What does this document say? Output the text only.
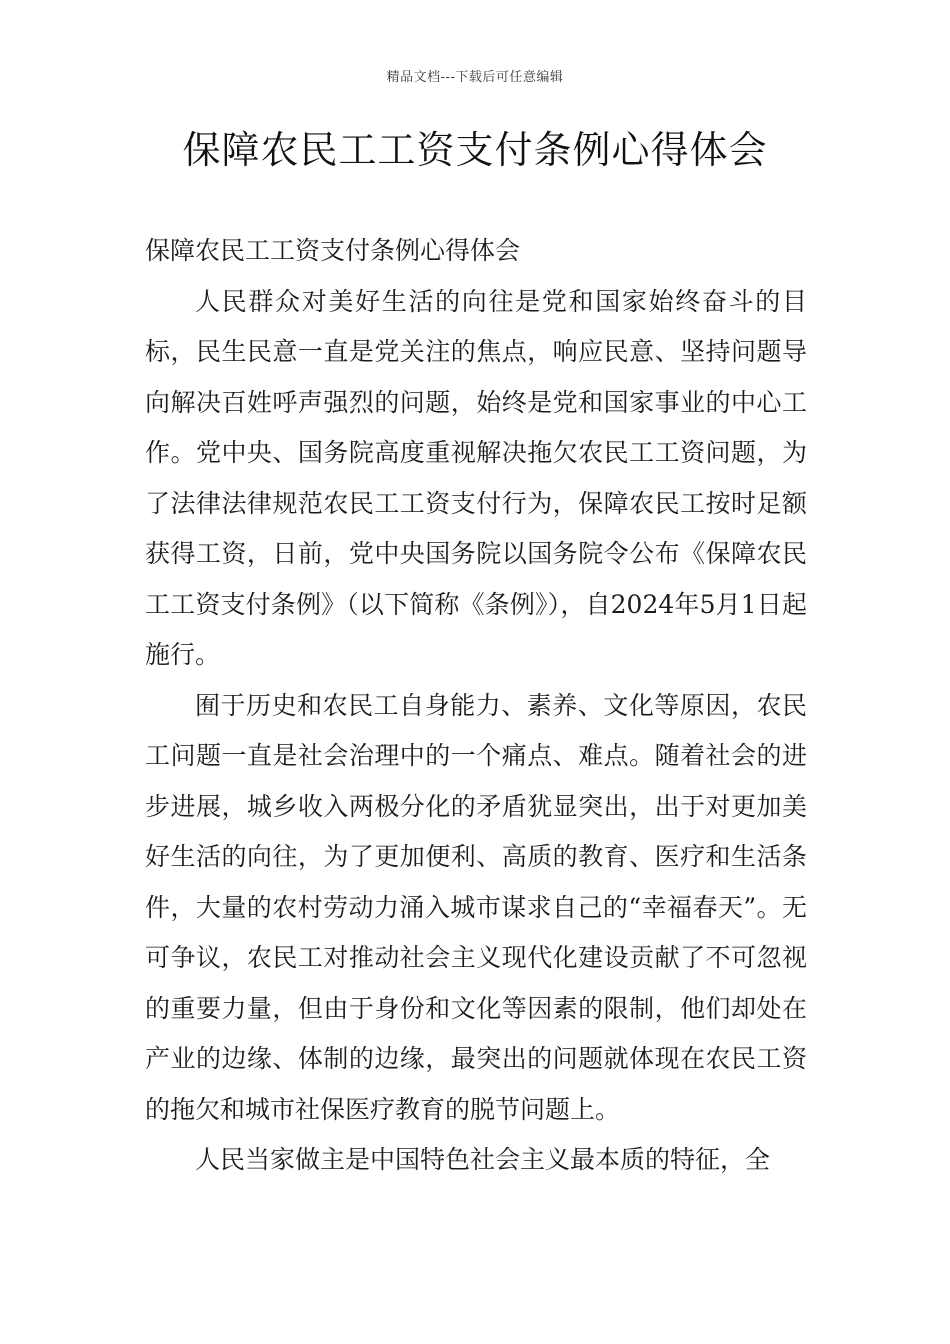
精品文档---下载后可任意编辑
保障农民工工资支付条例心得体会

保障农民工工资支付条例心得体会

人民群众对美好生活的向往是党和国家始终奋斗的目标，民生民意一直是党关注的焦点，响应民意、坚持问题导向解决百姓呼声强烈的问题，始终是党和国家事业的中心工作。党中央、国务院高度重视解决拖欠农民工工资问题，为了法律法律规范农民工工资支付行为，保障农民工按时足额获得工资，日前，党中央国务院以国务院令公布《保障农民工工资支付条例》（以下简称《条例》），自2024年5月1日起施行。

囿于历史和农民工自身能力、素养、文化等原因，农民工问题一直是社会治理中的一个痛点、难点。随着社会的进步进展，城乡收入两极分化的矛盾犹显突出，出于对更加美好生活的向往，为了更加便利、高质的教育、医疗和生活条件，大量的农村劳动力涌入城市谋求自己的“幸福春天”。无可争议，农民工对推动社会主义现代化建设贡献了不可忽视的重要力量，但由于身份和文化等因素的限制，他们却处在产业的边缘、体制的边缘，最突出的问题就体现在农民工资的拖欠和城市社保医疗教育的脱节问题上。

人民当家做主是中国特色社会主义最本质的特征，全
